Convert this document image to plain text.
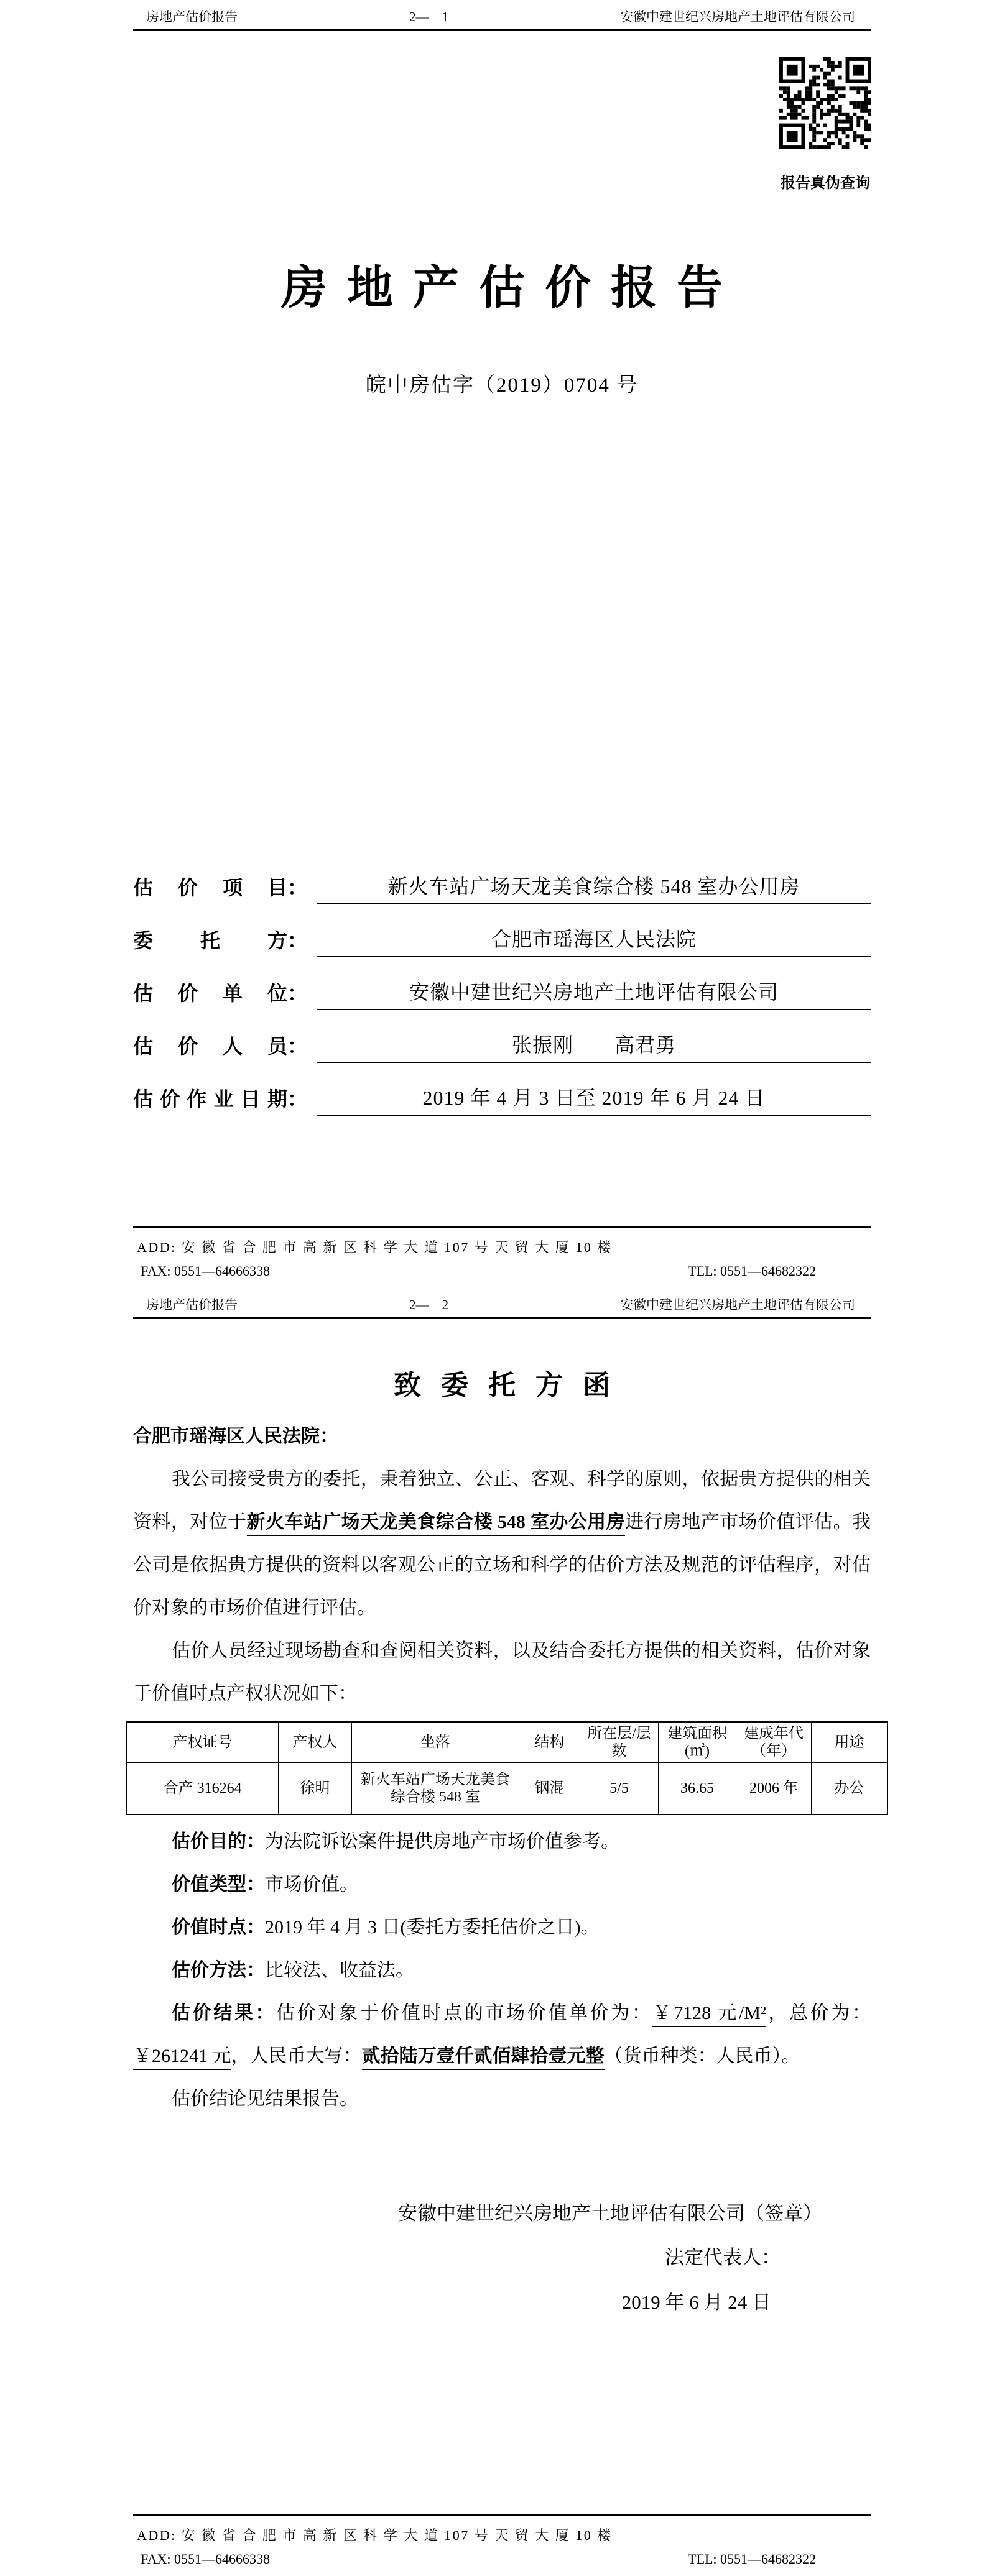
房地产估价报告	2—　1	安徽中建世纪兴房地产土地评估有限公司
报告真伪查询
房地产估价报告
皖中房估字（2019）0704 号
估价项目 ：	新火车站广场天龙美食综合楼 548 室办公用房
委托方 ：	合肥市瑶海区人民法院
估价单位 ：	安徽中建世纪兴房地产土地评估有限公司
估价人员 ：	张振刚　　高君勇
估价作业日期 ：	2019 年 4 月 3 日至 2019 年 6 月 24 日
ADD: 安 徽 省 合 肥 市 高 新 区 科 学 大 道 107 号 天 贸 大 厦 10 楼
FAX: 0551—64666338	TEL: 0551—64682322
房地产估价报告	2—　2	安徽中建世纪兴房地产土地评估有限公司
致委托方函
合肥市瑶海区人民法院：

我公司接受贵方的委托，秉着独立、公正、客观、科学的原则，依据贵方提供的相关资料，对位于新火车站广场天龙美食综合楼 548 室办公用房进行房地产市场价值评估。我公司是依据贵方提供的资料以客观公正的立场和科学的估价方法及规范的评估程序，对估价对象的市场价值进行评估。

估价人员经过现场勘查和查阅相关资料，以及结合委托方提供的相关资料，估价对象于价值时点产权状况如下：

产权证号	产权人	坐落	结构	所在层/层数	建筑面积(㎡)	建成年代（年）	用途
合产 316264	徐明	新火车站广场天龙美食综合楼 548 室	钢混	5/5	36.65	2006 年	办公

估价目的：为法院诉讼案件提供房地产市场价值参考。

价值类型：市场价值。

价值时点：2019 年 4 月 3 日(委托方委托估价之日)。

估价方法：比较法、收益法。

估价结果：估价对象于价值时点的市场价值单价为：￥7128 元/M²，总价为：￥261241 元，人民币大写：贰拾陆万壹仟贰佰肆拾壹元整（货币种类：人民币）。

估价结论见结果报告。

安徽中建世纪兴房地产土地评估有限公司（签章）
法定代表人：
2019 年 6 月 24 日
ADD: 安 徽 省 合 肥 市 高 新 区 科 学 大 道 107 号 天 贸 大 厦 10 楼
FAX: 0551—64666338	TEL: 0551—64682322
